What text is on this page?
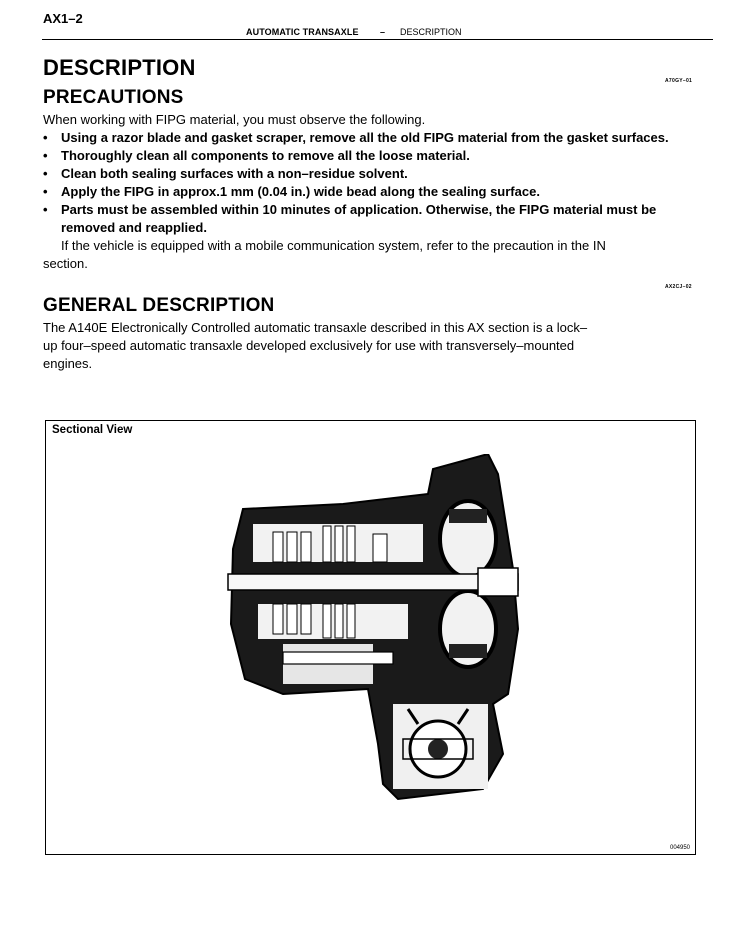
AX1–2
AUTOMATIC TRANSAXLE – DESCRIPTION
DESCRIPTION
A70GY–01
PRECAUTIONS
When working with FIPG material, you must observe the following.
• Using a razor blade and gasket scraper, remove all the old FIPG material from the gasket surfaces.
• Thoroughly clean all components to remove all the loose material.
• Clean both sealing surfaces with a non–residue solvent.
• Apply the FIPG in approx.1 mm (0.04 in.) wide bead along the sealing surface.
• Parts must be assembled within 10 minutes of application. Otherwise, the FIPG material must be removed and reapplied.
If the vehicle is equipped with a mobile communication system, refer to the precaution in the IN
section.
AX2CJ–02
GENERAL DESCRIPTION
The A140E Electronically Controlled automatic transaxle described in this AX section is a lock–
up four–speed automatic transaxle developed exclusively for use with transversely–mounted
engines.
Sectional View
004950
